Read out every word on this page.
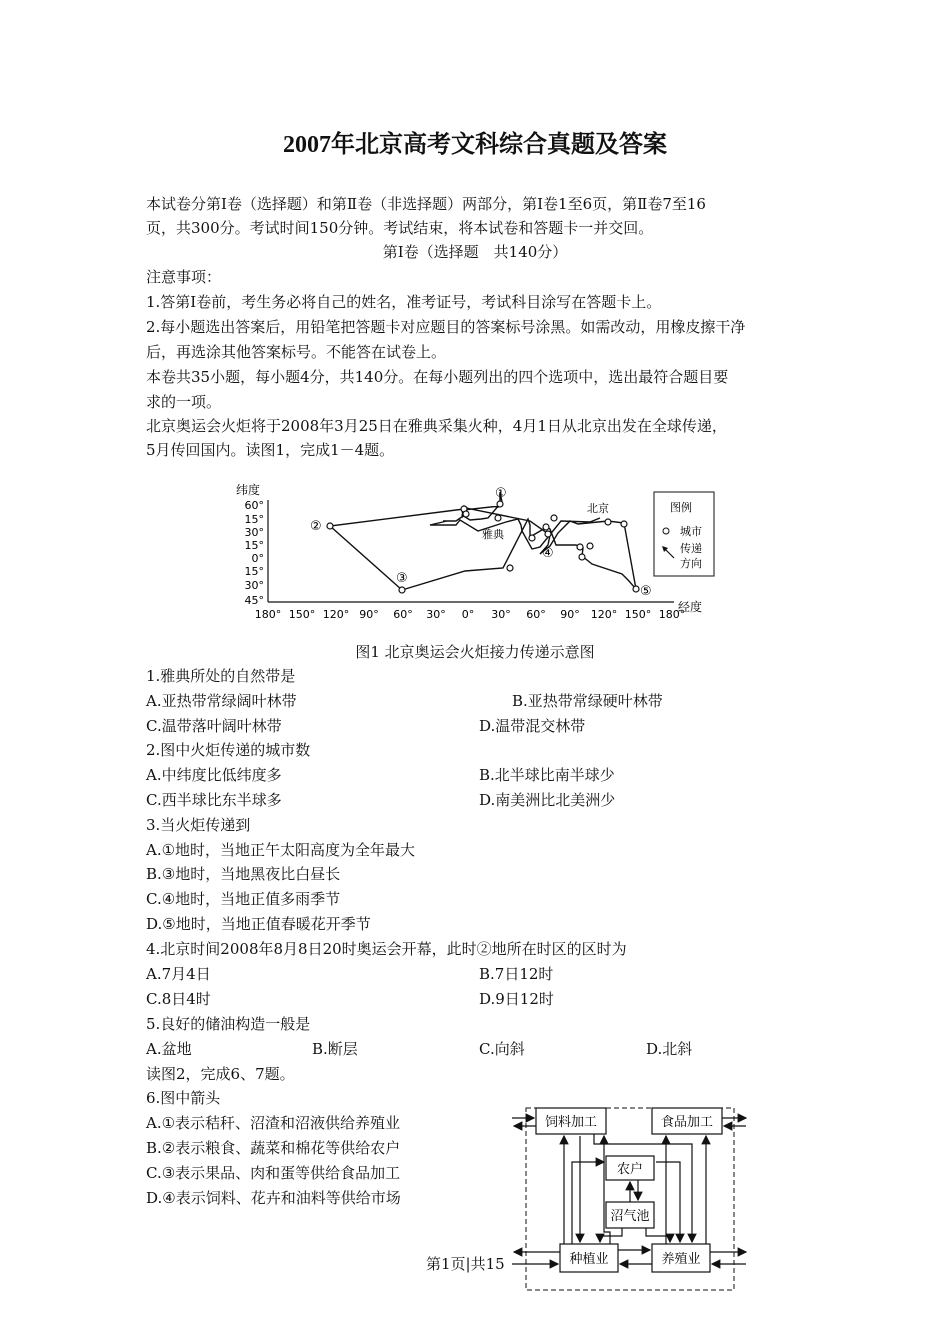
2007年北京高考文科综合真题及答案
本试卷分第Ⅰ卷（选择题）和第Ⅱ卷（非选择题）两部分，第Ⅰ卷1至6页，第Ⅱ卷7至16
页，共300分。考试时间150分钟。考试结束，将本试卷和答题卡一并交回。
第Ⅰ卷（选择题　共140分）
注意事项：
1.答第Ⅰ卷前，考生务必将自己的姓名，准考证号，考试科目涂写在答题卡上。
2.每小题选出答案后，用铅笔把答题卡对应题目的答案标号涂黑。如需改动，用橡皮擦干净
后，再选涂其他答案标号。不能答在试卷上。
本卷共35小题，每小题4分，共140分。在每小题列出的四个选项中，选出最符合题目要
求的一项。
北京奥运会火炬将于2008年3月25日在雅典采集火种，4月1日从北京出发在全球传递，
5月传回国内。读图1，完成1－4题。
纬度
经度
60°
15°
30°
15°
0°
15°
30°
45°
180° 150° 120° 90° 60° 30° 0° 30° 60° 90° 120° 150° 180°
①
②
③
④
⑤
北京
雅典
图例
城市
传递
方向
图1 北京奥运会火炬接力传递示意图
1.雅典所处的自然带是
A.亚热带常绿阔叶林带	B.亚热带常绿硬叶林带
C.温带落叶阔叶林带	D.温带混交林带
2.图中火炬传递的城市数
A.中纬度比低纬度多	B.北半球比南半球少
C.西半球比东半球多	D.南美洲比北美洲少
3.当火炬传递到
A.①地时，当地正午太阳高度为全年最大
B.③地时，当地黑夜比白昼长
C.④地时，当地正值多雨季节
D.⑤地时，当地正值春暖花开季节
4.北京时间2008年8月8日20时奥运会开幕，此时②地所在时区的区时为
A.7月4日	B.7日12时
C.8日4时	D.9日12时
5.良好的储油构造一般是
A.盆地	B.断层	C.向斜	D.北斜
读图2，完成6、7题。
6.图中箭头
A.①表示秸秆、沼渣和沼液供给养殖业
B.②表示粮食、蔬菜和棉花等供给农户
C.③表示果品、肉和蛋等供给食品加工
D.④表示饲料、花卉和油料等供给市场
饲料加工	食品加工
农户
沼气池
种植业	养殖业
第1页|共15
